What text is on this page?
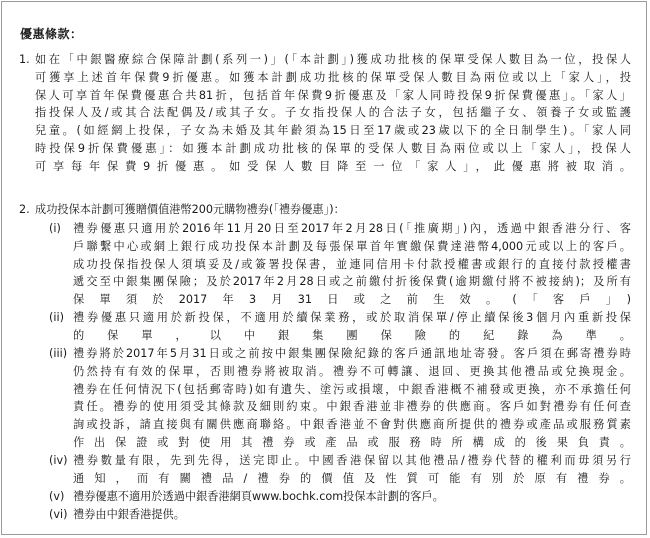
優惠條款：
1. 如在「中銀醫療綜合保障計劃(系列一)」(「本計劃」)獲成功批核的保單受保人數目為一位，投保人
可獲享上述首年保費9折優惠。如獲本計劃成功批核的保單受保人數目為兩位或以上「家人」，投
保人可享首年保費優惠合共81折，包括首年保費9折優惠及「家人同時投保9折保費優惠」。「家人」
指投保人及/或其合法配偶及/或其子女。子女指投保人的合法子女，包括繼子女、領養子女或監護
兒童。(如經網上投保，子女為未婚及其年齡須為15日至17歲或23歲以下的全日制學生)。「家人同
時投保9折保費優惠」：如獲本計劃成功批核的保單的受保人數目為兩位或以上「家人」，投保人
可享每年保費9折優惠。如受保人數目降至一位「家人」，此優惠將被取消。
2. 成功投保本計劃可獲贈價值港幣200元購物禮券(「禮券優惠」)：
(i) 禮券優惠只適用於2016年11月20日至2017年2月28日(「推廣期」)內，透過中銀香港分行、客
戶聯繫中心或網上銀行成功投保本計劃及每張保單首年實繳保費達港幣4,000元或以上的客戶。
成功投保指投保人須填妥及/或簽署投保書，並連同信用卡付款授權書或銀行的直接付款授權書
遞交至中銀集團保險；及於2017年2月28日或之前繳付折後保費(逾期繳付將不被接納)；及所有
保單須於2017年3月31日或之前生效。(「客戶」)
(ii) 禮券優惠只適用於新投保，不適用於續保業務，或於取消保單/停止續保後3個月內重新投保
的保單，以中銀集團保險的紀錄為準。
(iii) 禮券將於2017年5月31日或之前按中銀集團保險紀錄的客戶通訊地址寄發。客戶須在郵寄禮券時
仍然持有有效的保單，否則禮券將被取消。禮券不可轉讓、退回、更換其他禮品或兌換現金。
禮券在任何情況下(包括郵寄時)如有遺失、塗污或損壞，中銀香港概不補發或更換，亦不承擔任何
責任。禮券的使用須受其條款及細則約束。中銀香港並非禮券的供應商。客戶如對禮券有任何查
詢或投訴，請直接與有關供應商聯絡。中銀香港並不會對供應商所提供的禮券或產品或服務質素
作出保證或對使用其禮券或產品或服務時所構成的後果負責。
(iv) 禮券數量有限，先到先得，送完即止。中國香港保留以其他禮品/禮券代替的權利而毋須另行
通知，而有關禮品/禮券的價值及性質可能有別於原有禮券。
(v) 禮券優惠不適用於透過中銀香港網頁www.bochk.com投保本計劃的客戶。
(vi) 禮券由中銀香港提供。
